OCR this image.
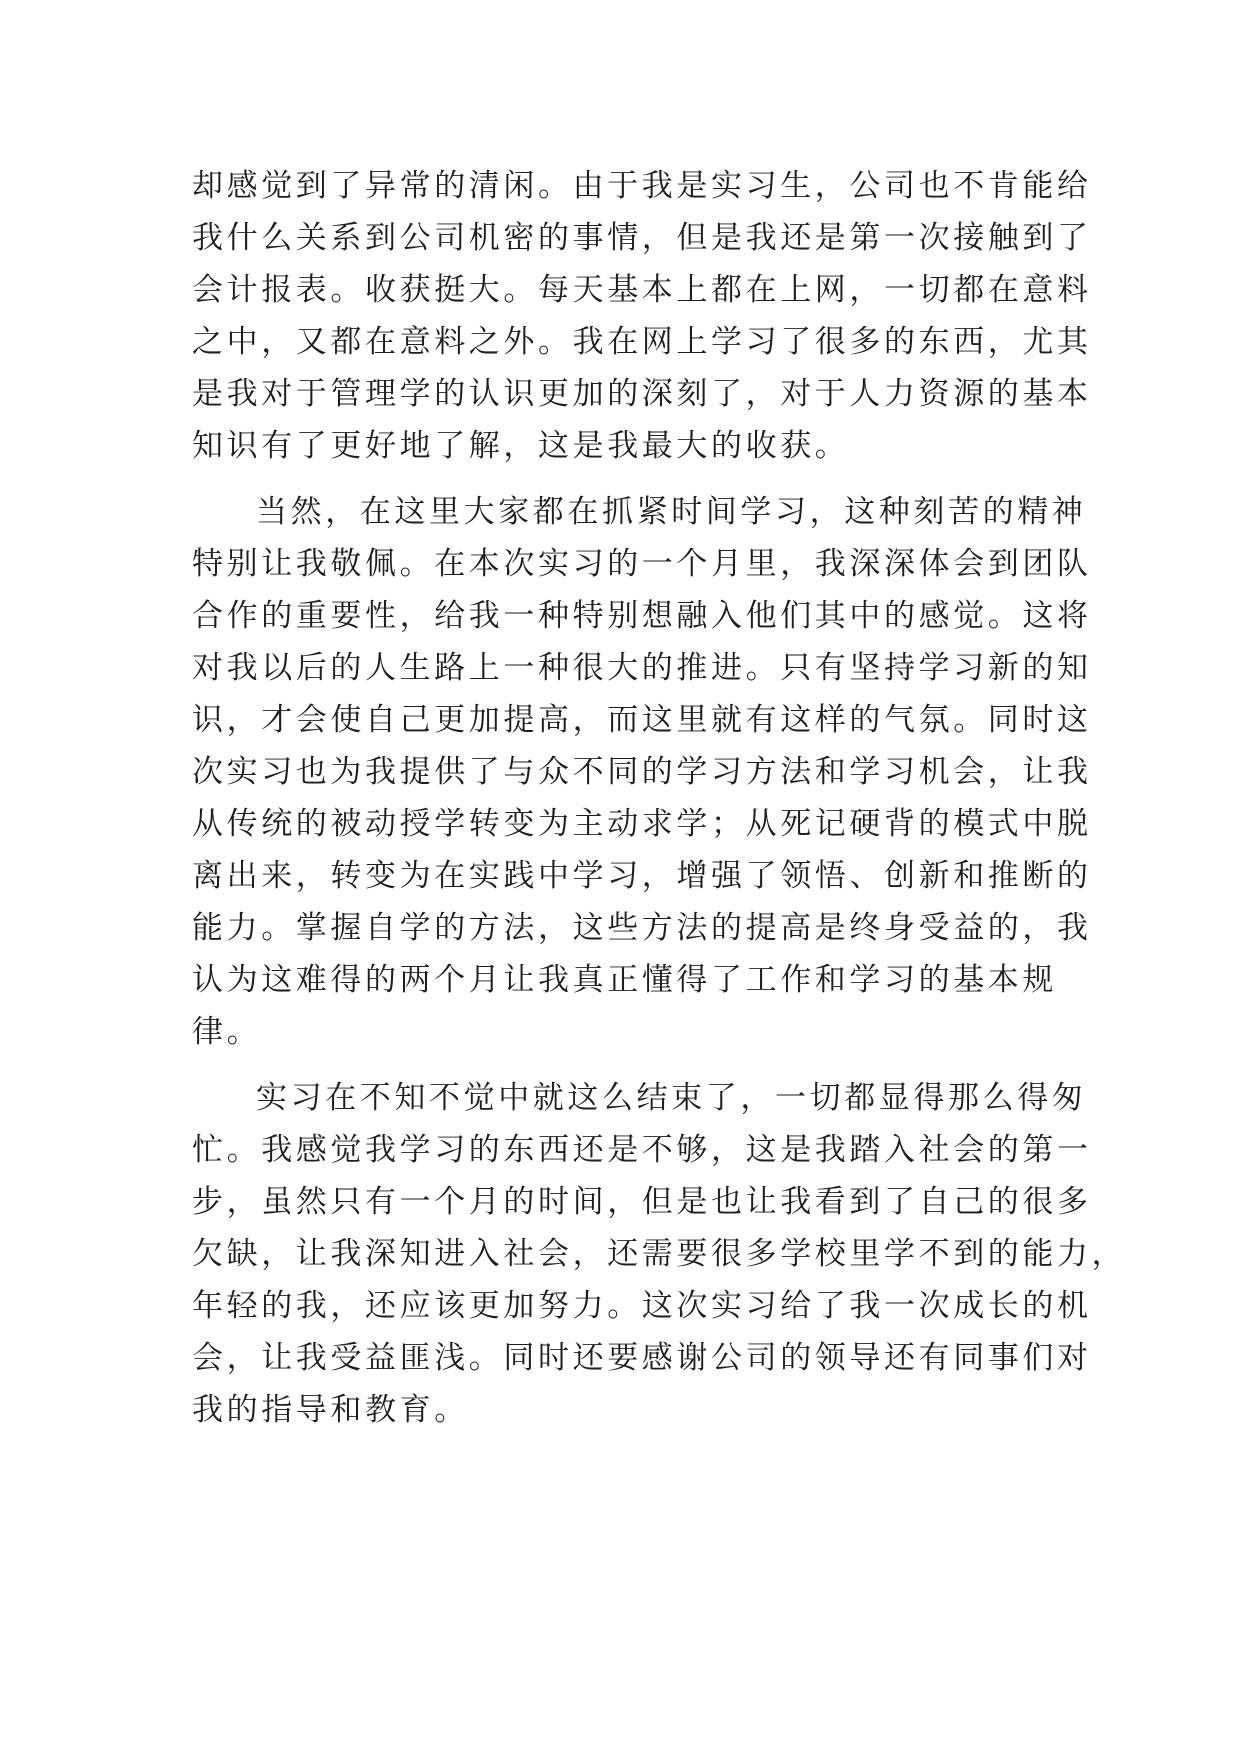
却感觉到了异常的清闲。由于我是实习生，公司也不肯能给
我什么关系到公司机密的事情，但是我还是第一次接触到了
会计报表。收获挺大。每天基本上都在上网，一切都在意料
之中，又都在意料之外。我在网上学习了很多的东西，尤其
是我对于管理学的认识更加的深刻了，对于人力资源的基本
知识有了更好地了解，这是我最大的收获。
当然，在这里大家都在抓紧时间学习，这种刻苦的精神
特别让我敬佩。在本次实习的一个月里，我深深体会到团队
合作的重要性，给我一种特别想融入他们其中的感觉。这将
对我以后的人生路上一种很大的推进。只有坚持学习新的知
识，才会使自己更加提高，而这里就有这样的气氛。同时这
次实习也为我提供了与众不同的学习方法和学习机会，让我
从传统的被动授学转变为主动求学；从死记硬背的模式中脱
离出来，转变为在实践中学习，增强了领悟、创新和推断的
能力。掌握自学的方法，这些方法的提高是终身受益的，我
认为这难得的两个月让我真正懂得了工作和学习的基本规
律。
实习在不知不觉中就这么结束了，一切都显得那么得匆
忙。我感觉我学习的东西还是不够，这是我踏入社会的第一
步，虽然只有一个月的时间，但是也让我看到了自己的很多
欠缺，让我深知进入社会，还需要很多学校里学不到的能力，
年轻的我，还应该更加努力。这次实习给了我一次成长的机
会，让我受益匪浅。同时还要感谢公司的领导还有同事们对
我的指导和教育。
